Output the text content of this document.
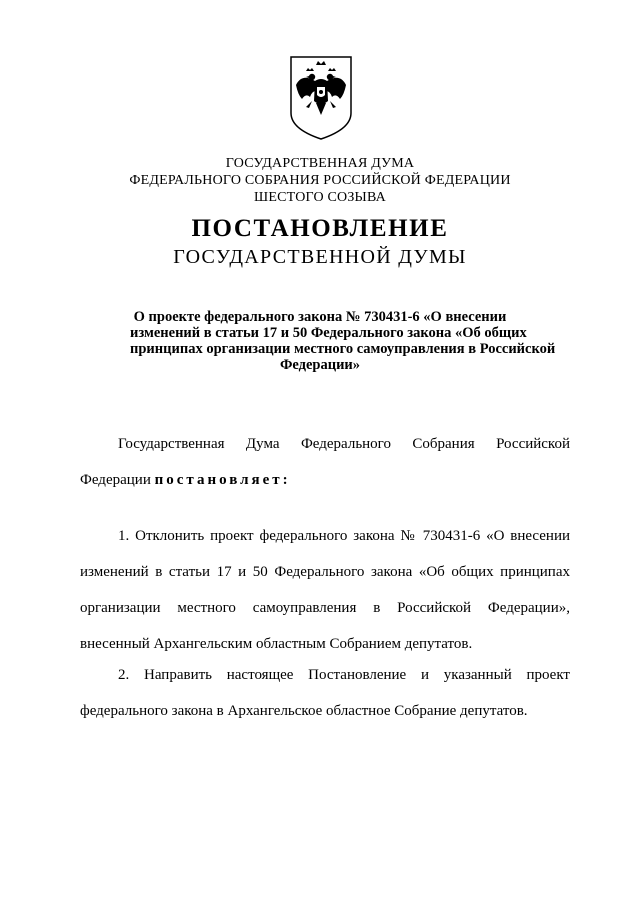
ГОСУДАРСТВЕННАЯ ДУМА
ФЕДЕРАЛЬНОГО СОБРАНИЯ РОССИЙСКОЙ ФЕДЕРАЦИИ
ШЕСТОГО СОЗЫВА
ПОСТАНОВЛЕНИЕ
ГОСУДАРСТВЕННОЙ ДУМЫ
О проекте федерального закона № 730431-6 «О внесении
изменений в статьи 17 и 50 Федерального закона «Об общих
принципах организации местного самоуправления в Российской
Федерации»
Государственная Дума Федерального Собрания Российской
Федерации постановляет:
1. Отклонить проект федерального закона № 730431-6 «О внесении
изменений в статьи 17 и 50 Федерального закона «Об общих принципах
организации местного самоуправления в Российской Федерации»,
внесенный Архангельским областным Собранием депутатов.
2. Направить настоящее Постановление и указанный проект
федерального закона в Архангельское областное Собрание депутатов.
